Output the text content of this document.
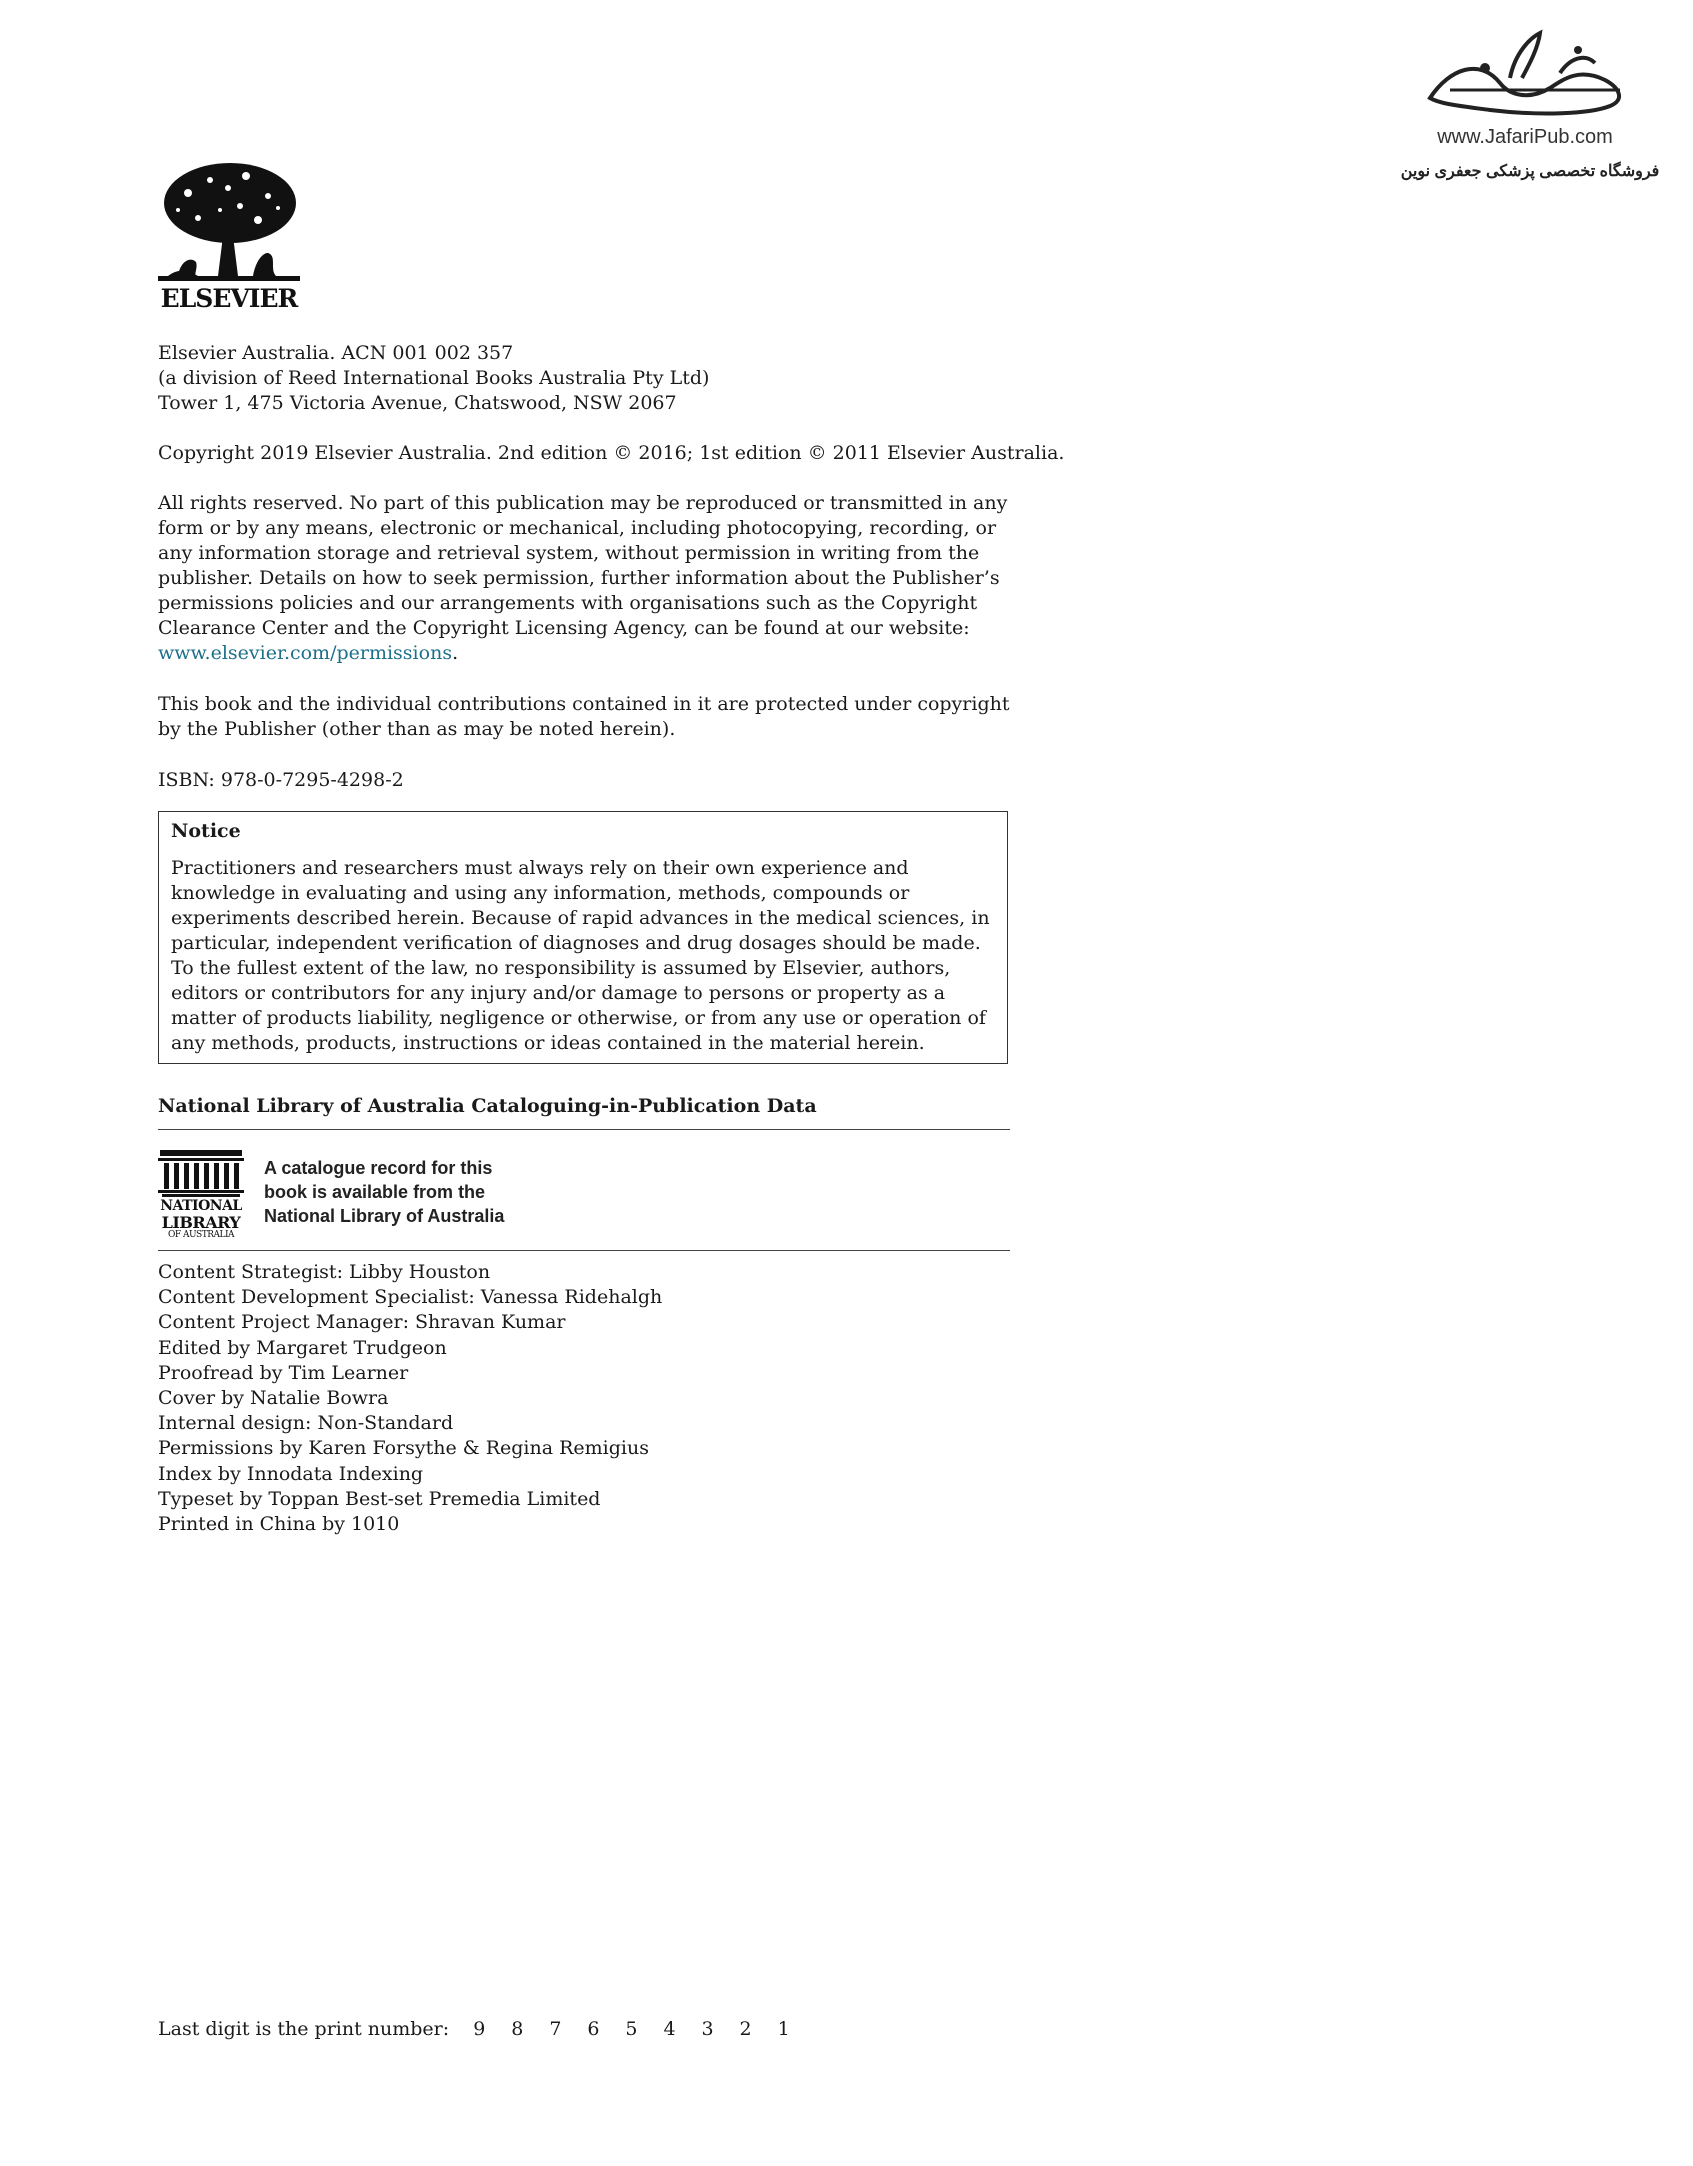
www.JafariPub.com
فروشگاه تخصصی پزشکی جعفری نوین
ELSEVIER
Elsevier Australia. ACN 001 002 357
(a division of Reed International Books Australia Pty Ltd)
Tower 1, 475 Victoria Avenue, Chatswood, NSW 2067
Copyright 2019 Elsevier Australia. 2nd edition © 2016; 1st edition © 2011 Elsevier Australia.
All rights reserved. No part of this publication may be reproduced or transmitted in any form or by any means, electronic or mechanical, including photocopying, recording, or any information storage and retrieval system, without permission in writing from the publisher. Details on how to seek permission, further information about the Publisher’s permissions policies and our arrangements with organisations such as the Copyright Clearance Center and the Copyright Licensing Agency, can be found at our website: www.elsevier.com/permissions.
This book and the individual contributions contained in it are protected under copyright by the Publisher (other than as may be noted herein).
ISBN: 978-0-7295-4298-2
Notice
Practitioners and researchers must always rely on their own experience and knowledge in evaluating and using any information, methods, compounds or experiments described herein. Because of rapid advances in the medical sciences, in particular, independent verification of diagnoses and drug dosages should be made. To the fullest extent of the law, no responsibility is assumed by Elsevier, authors, editors or contributors for any injury and/or damage to persons or property as a matter of products liability, negligence or otherwise, or from any use or operation of any methods, products, instructions or ideas contained in the material herein.
National Library of Australia Cataloguing-in-Publication Data
NATIONAL
LIBRARY
OF AUSTRALIA
A catalogue record for this
book is available from the
National Library of Australia
Content Strategist: Libby Houston
Content Development Specialist: Vanessa Ridehalgh
Content Project Manager: Shravan Kumar
Edited by Margaret Trudgeon
Proofread by Tim Learner
Cover by Natalie Bowra
Internal design: Non-Standard
Permissions by Karen Forsythe & Regina Remigius
Index by Innodata Indexing
Typeset by Toppan Best-set Premedia Limited
Printed in China by 1010
Last digit is the print number: 9 8 7 6 5 4 3 2 1
